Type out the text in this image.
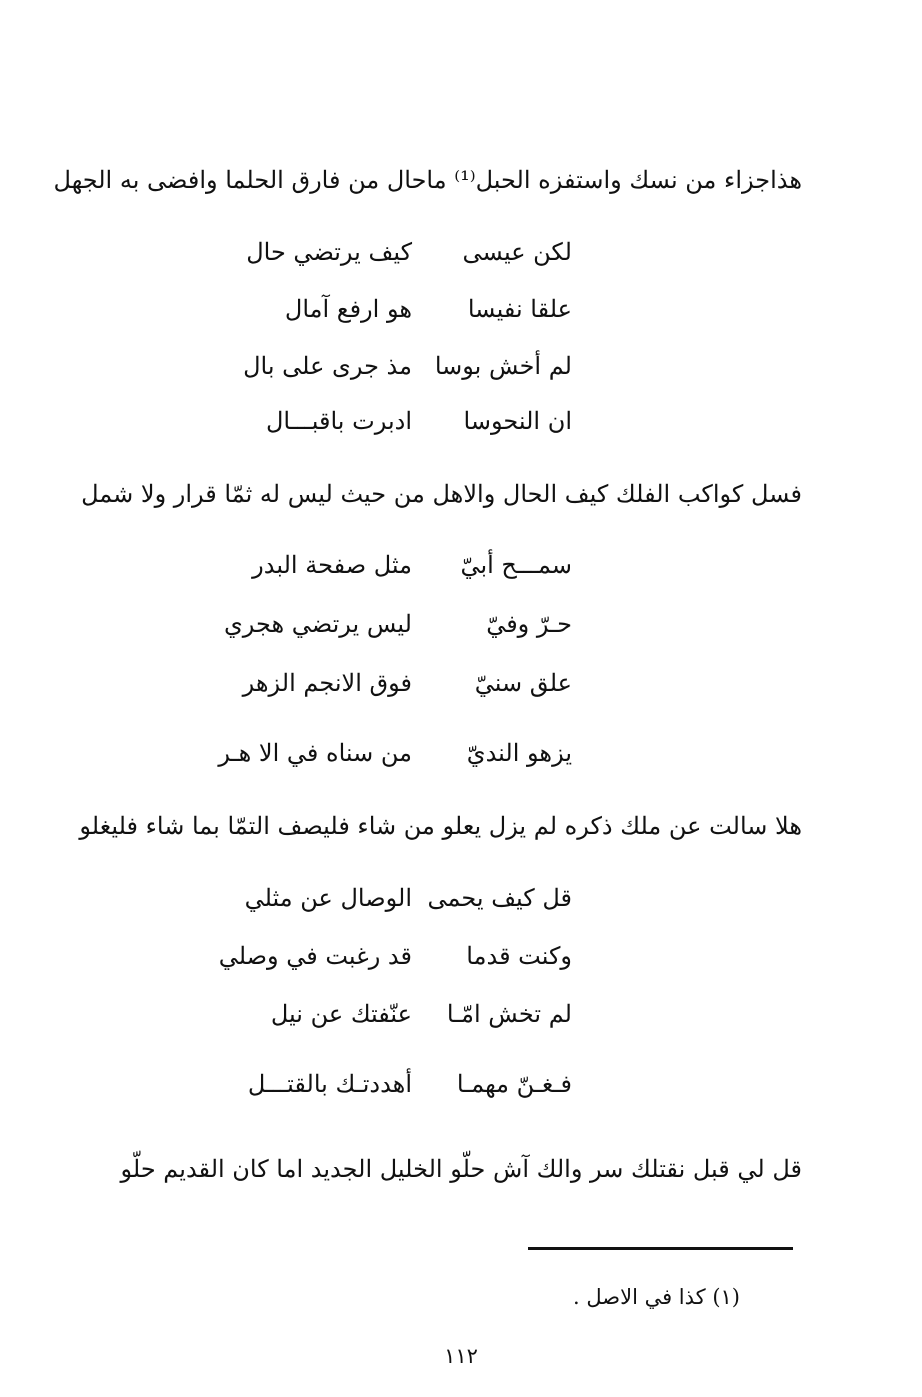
هذاجزاء من نسك واستفزه الحبل⁽¹⁾ ماحال من فارق الحلما وافضى به الجهل
لكن عيسى
كيف يرتضي حال
علقا نفيسا
هو ارفع آمال
لم أخش بوسا
مذ جرى على بال
ان النحوسا
ادبرت باقبـــال
فسل كواكب الفلك كيف الحال والاهل من حيث ليس له ثمّا قرار ولا شمل
سمـــح أبيّ
مثل صفحة البدر
حـرّ وفيّ
ليس يرتضي هجري
علق سنيّ
فوق الانجم الزهر
يزهو النديّ
من سناه في الا هـر
هلا سالت عن ملك ذكره لم يزل يعلو من شاء فليصف التمّا بما شاء فليغلو
قل كيف يحمى
الوصال عن مثلي
وكنت قدما
قد رغبت في وصلي
لم تخش امّـا
عنّفتك عن نيل
فـغـنّ مهمـا
أهددتـك بالقتـــل
قل لي قبل نقتلك سر والك آش حلّو الخليل الجديد اما كان القديم حلّو
(١) كذا في الاصل .
١١٢
